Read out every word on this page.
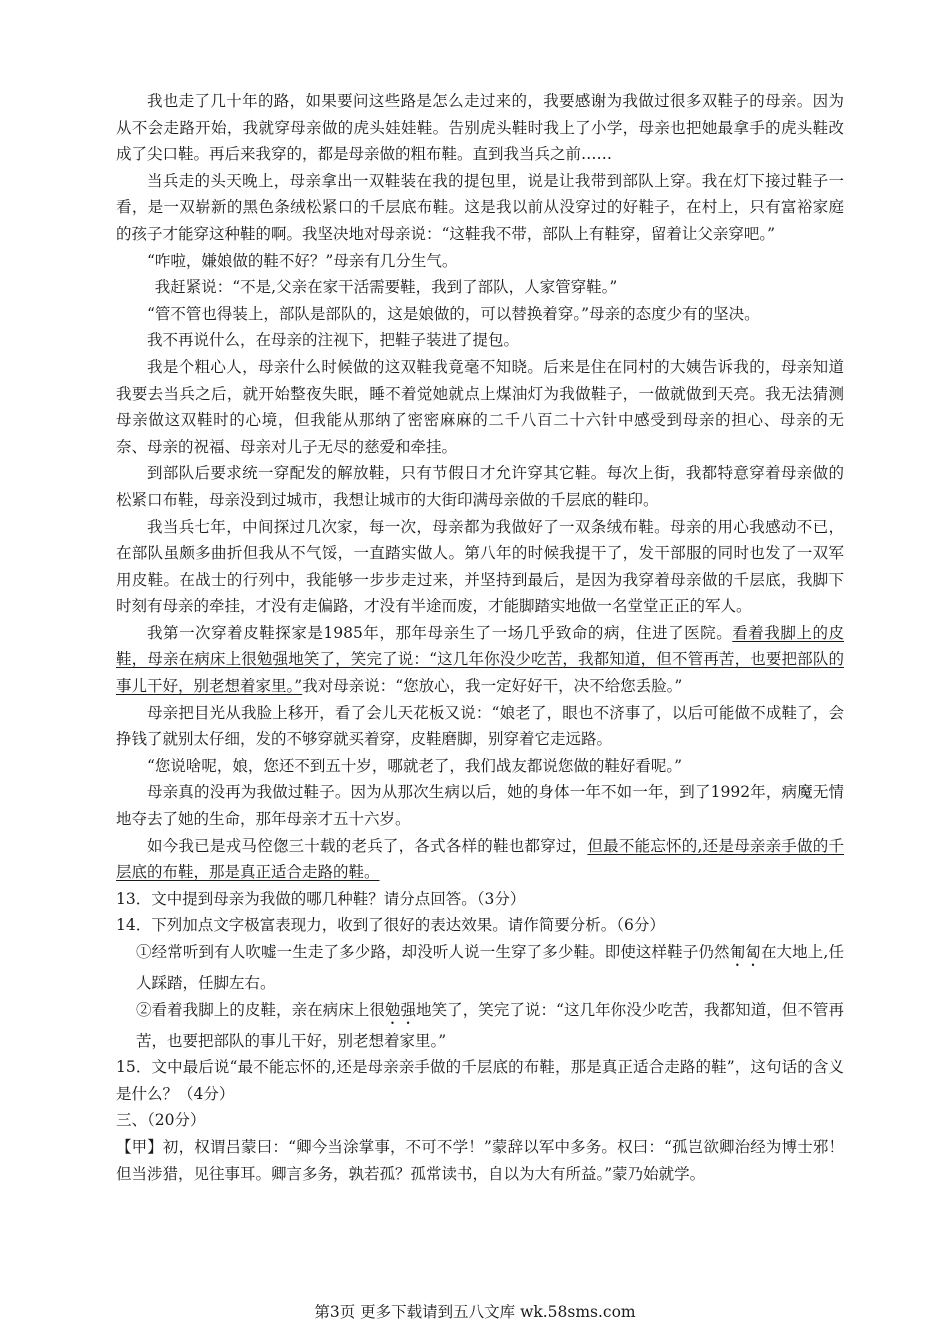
我也走了几十年的路，如果要问这些路是怎么走过来的，我要感谢为我做过很多双鞋子的母亲。因为从不会走路开始，我就穿母亲做的虎头娃娃鞋。告别虎头鞋时我上了小学，母亲也把她最拿手的虎头鞋改成了尖口鞋。再后来我穿的，都是母亲做的粗布鞋。直到我当兵之前……

当兵走的头天晚上，母亲拿出一双鞋装在我的提包里，说是让我带到部队上穿。我在灯下接过鞋子一看，是一双崭新的黑色条绒松紧口的千层底布鞋。这是我以前从没穿过的好鞋子，在村上，只有富裕家庭的孩子才能穿这种鞋的啊。我坚决地对母亲说：“这鞋我不带，部队上有鞋穿，留着让父亲穿吧。”

“咋啦，嫌娘做的鞋不好？”母亲有几分生气。

我赶紧说：“不是,父亲在家干活需要鞋，我到了部队，人家管穿鞋。”

“管不管也得装上，部队是部队的，这是娘做的，可以替换着穿。”母亲的态度少有的坚决。

我不再说什么，在母亲的注视下，把鞋子装进了提包。

我是个粗心人，母亲什么时候做的这双鞋我竟毫不知晓。后来是住在同村的大姨告诉我的，母亲知道我要去当兵之后，就开始整夜失眠，睡不着觉她就点上煤油灯为我做鞋子，一做就做到天亮。我无法猜测母亲做这双鞋时的心境，但我能从那纳了密密麻麻的二千八百二十六针中感受到母亲的担心、母亲的无奈、母亲的祝福、母亲对儿子无尽的慈爱和牵挂。

到部队后要求统一穿配发的解放鞋，只有节假日才允许穿其它鞋。每次上街，我都特意穿着母亲做的松紧口布鞋，母亲没到过城市，我想让城市的大街印满母亲做的千层底的鞋印。

我当兵七年，中间探过几次家，每一次，母亲都为我做好了一双条绒布鞋。母亲的用心我感动不已，在部队虽颇多曲折但我从不气馁，一直踏实做人。第八年的时候我提干了，发干部服的同时也发了一双军用皮鞋。在战士的行列中，我能够一步步走过来，并坚持到最后，是因为我穿着母亲做的千层底，我脚下时刻有母亲的牵挂，才没有走偏路，才没有半途而废，才能脚踏实地做一名堂堂正正的军人。

我第一次穿着皮鞋探家是1985年，那年母亲生了一场几乎致命的病，住进了医院。看着我脚上的皮鞋，母亲在病床上很勉强地笑了，笑完了说：“这几年你没少吃苦，我都知道，但不管再苦，也要把部队的事儿干好，别老想着家里。”我对母亲说：“您放心，我一定好好干，决不给您丢脸。”

母亲把目光从我脸上移开，看了会儿天花板又说：“娘老了，眼也不济事了，以后可能做不成鞋了，会挣钱了就别太仔细，发的不够穿就买着穿，皮鞋磨脚，别穿着它走远路。

“您说啥呢，娘，您还不到五十岁，哪就老了，我们战友都说您做的鞋好看呢。”

母亲真的没再为我做过鞋子。因为从那次生病以后，她的身体一年不如一年，到了1992年，病魔无情地夺去了她的生命，那年母亲才五十六岁。

如今我已是戎马倥偬三十载的老兵了，各式各样的鞋也都穿过，但最不能忘怀的,还是母亲亲手做的千层底的布鞋，那是真正适合走路的鞋。

13．文中提到母亲为我做的哪几种鞋？请分点回答。（3分）

14．下列加点文字极富表现力，收到了很好的表达效果。请作简要分析。（6分）

①经常听到有人吹嘘一生走了多少路，却没听人说一生穿了多少鞋。即使这样鞋子仍然匍匐在大地上,任人踩踏，任脚左右。

②看着我脚上的皮鞋，亲在病床上很勉强地笑了，笑完了说：“这几年你没少吃苦，我都知道，但不管再苦，也要把部队的事儿干好，别老想着家里。”

15．文中最后说“最不能忘怀的,还是母亲亲手做的千层底的布鞋，那是真正适合走路的鞋”，这句话的含义是什么？（4分）

三、（20分）

【甲】初，权谓吕蒙曰：“卿今当涂掌事，不可不学！”蒙辞以军中多务。权曰：“孤岂欲卿治经为博士邪！但当涉猎，见往事耳。卿言多务，孰若孤？孤常读书，自以为大有所益。”蒙乃始就学。

第3页 更多下载请到五八文库 wk.58sms.com
